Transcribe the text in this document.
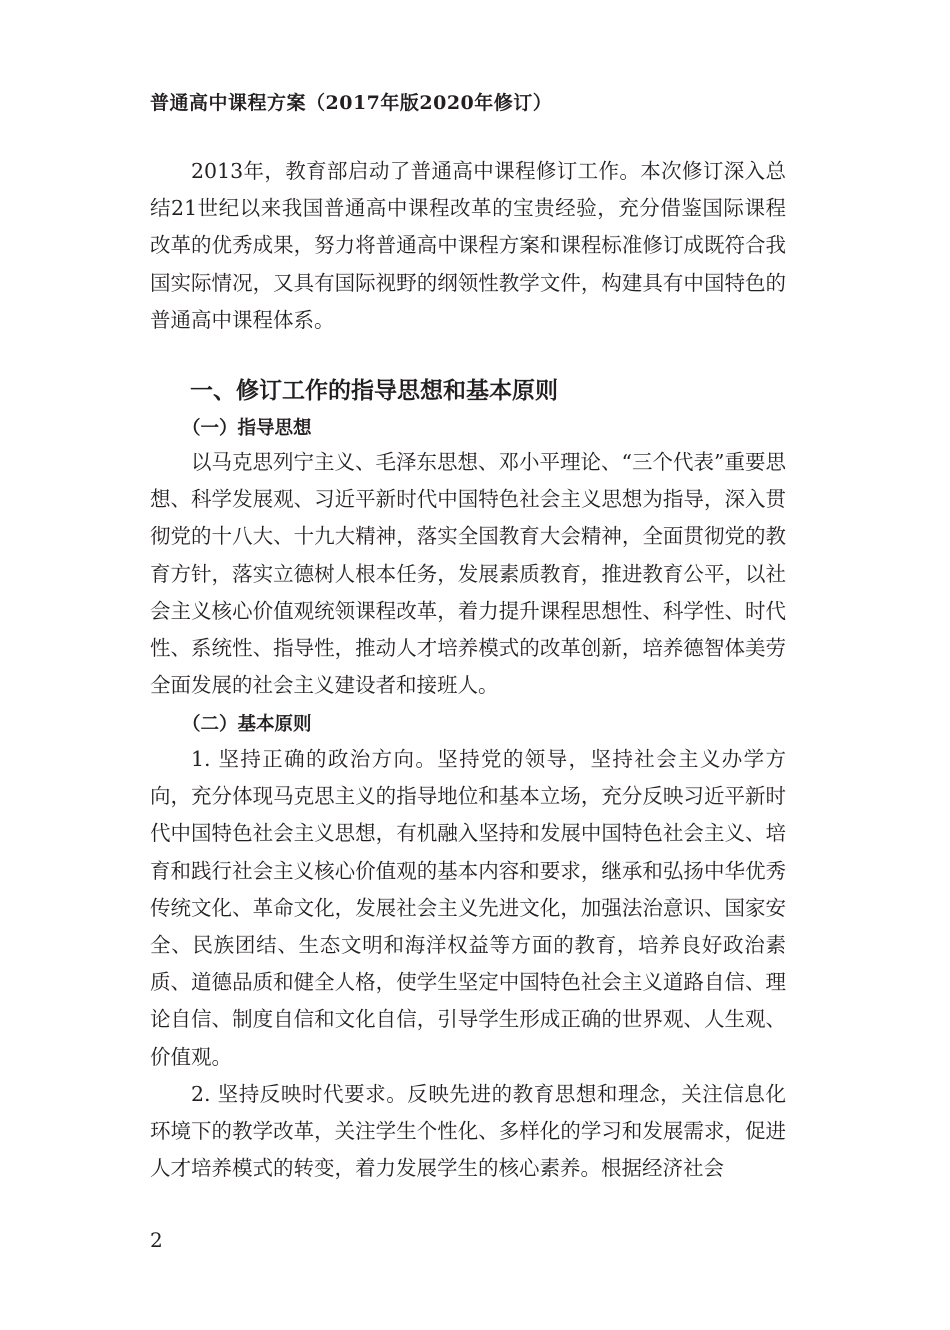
普通高中课程方案（2017年版2020年修订）

2013年，教育部启动了普通高中课程修订工作。本次修订深入总结21世纪以来我国普通高中课程改革的宝贵经验，充分借鉴国际课程改革的优秀成果，努力将普通高中课程方案和课程标准修订成既符合我国实际情况，又具有国际视野的纲领性教学文件，构建具有中国特色的普通高中课程体系。

一、修订工作的指导思想和基本原则
（一）指导思想

以马克思列宁主义、毛泽东思想、邓小平理论、“三个代表”重要思想、科学发展观、习近平新时代中国特色社会主义思想为指导，深入贯彻党的十八大、十九大精神，落实全国教育大会精神，全面贯彻党的教育方针，落实立德树人根本任务，发展素质教育，推进教育公平，以社会主义核心价值观统领课程改革，着力提升课程思想性、科学性、时代性、系统性、指导性，推动人才培养模式的改革创新，培养德智体美劳全面发展的社会主义建设者和接班人。

（二）基本原则

1. 坚持正确的政治方向。坚持党的领导，坚持社会主义办学方向，充分体现马克思主义的指导地位和基本立场，充分反映习近平新时代中国特色社会主义思想，有机融入坚持和发展中国特色社会主义、培育和践行社会主义核心价值观的基本内容和要求，继承和弘扬中华优秀传统文化、革命文化，发展社会主义先进文化，加强法治意识、国家安全、民族团结、生态文明和海洋权益等方面的教育，培养良好政治素质、道德品质和健全人格，使学生坚定中国特色社会主义道路自信、理论自信、制度自信和文化自信，引导学生形成正确的世界观、人生观、价值观。

2. 坚持反映时代要求。反映先进的教育思想和理念，关注信息化环境下的教学改革，关注学生个性化、多样化的学习和发展需求，促进人才培养模式的转变，着力发展学生的核心素养。根据经济社会

2
